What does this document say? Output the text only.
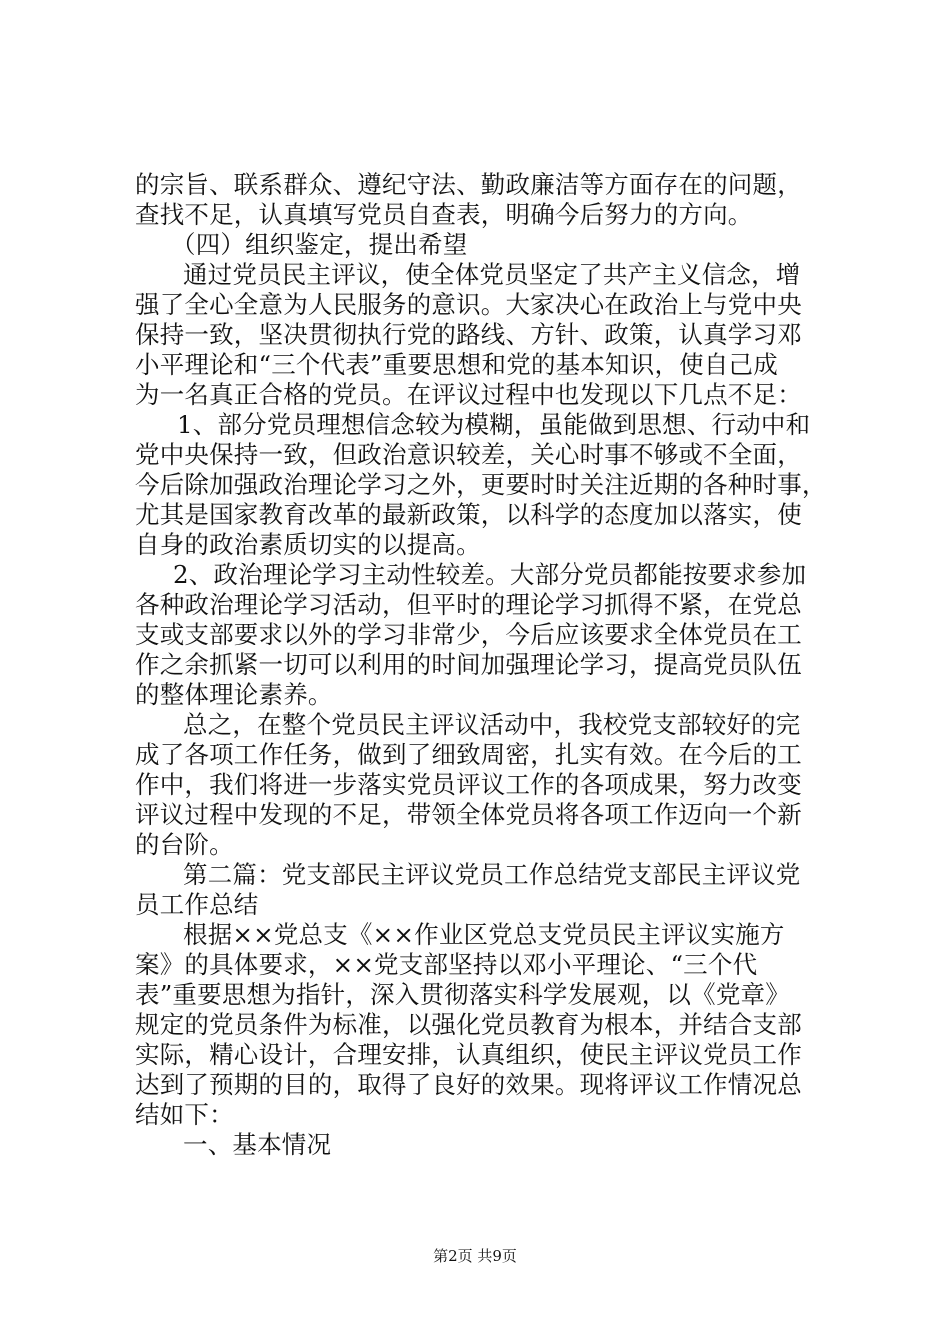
的宗旨、联系群众、遵纪守法、勤政廉洁等方面存在的问题，
查找不足，认真填写党员自查表，明确今后努力的方向。
（四）组织鉴定，提出希望
通过党员民主评议，使全体党员坚定了共产主义信念，增
强了全心全意为人民服务的意识。大家决心在政治上与党中央
保持一致，坚决贯彻执行党的路线、方针、政策，认真学习邓
小平理论和“三个代表”重要思想和党的基本知识，使自己成
为一名真正合格的党员。在评议过程中也发现以下几点不足：
1、部分党员理想信念较为模糊，虽能做到思想、行动中和
党中央保持一致，但政治意识较差，关心时事不够或不全面，
今后除加强政治理论学习之外，更要时时关注近期的各种时事，
尤其是国家教育改革的最新政策，以科学的态度加以落实，使
自身的政治素质切实的以提高。
2、政治理论学习主动性较差。大部分党员都能按要求参加
各种政治理论学习活动，但平时的理论学习抓得不紧，在党总
支或支部要求以外的学习非常少，今后应该要求全体党员在工
作之余抓紧一切可以利用的时间加强理论学习，提高党员队伍
的整体理论素养。
总之，在整个党员民主评议活动中，我校党支部较好的完
成了各项工作任务，做到了细致周密，扎实有效。在今后的工
作中，我们将进一步落实党员评议工作的各项成果，努力改变
评议过程中发现的不足，带领全体党员将各项工作迈向一个新
的台阶。
第二篇：党支部民主评议党员工作总结党支部民主评议党
员工作总结
根据××党总支《××作业区党总支党员民主评议实施方
案》的具体要求，××党支部坚持以邓小平理论、“三个代
表”重要思想为指针，深入贯彻落实科学发展观，以《党章》
规定的党员条件为标准，以强化党员教育为根本，并结合支部
实际，精心设计，合理安排，认真组织，使民主评议党员工作
达到了预期的目的，取得了良好的效果。现将评议工作情况总
结如下：
一、基本情况
第2页 共9页
